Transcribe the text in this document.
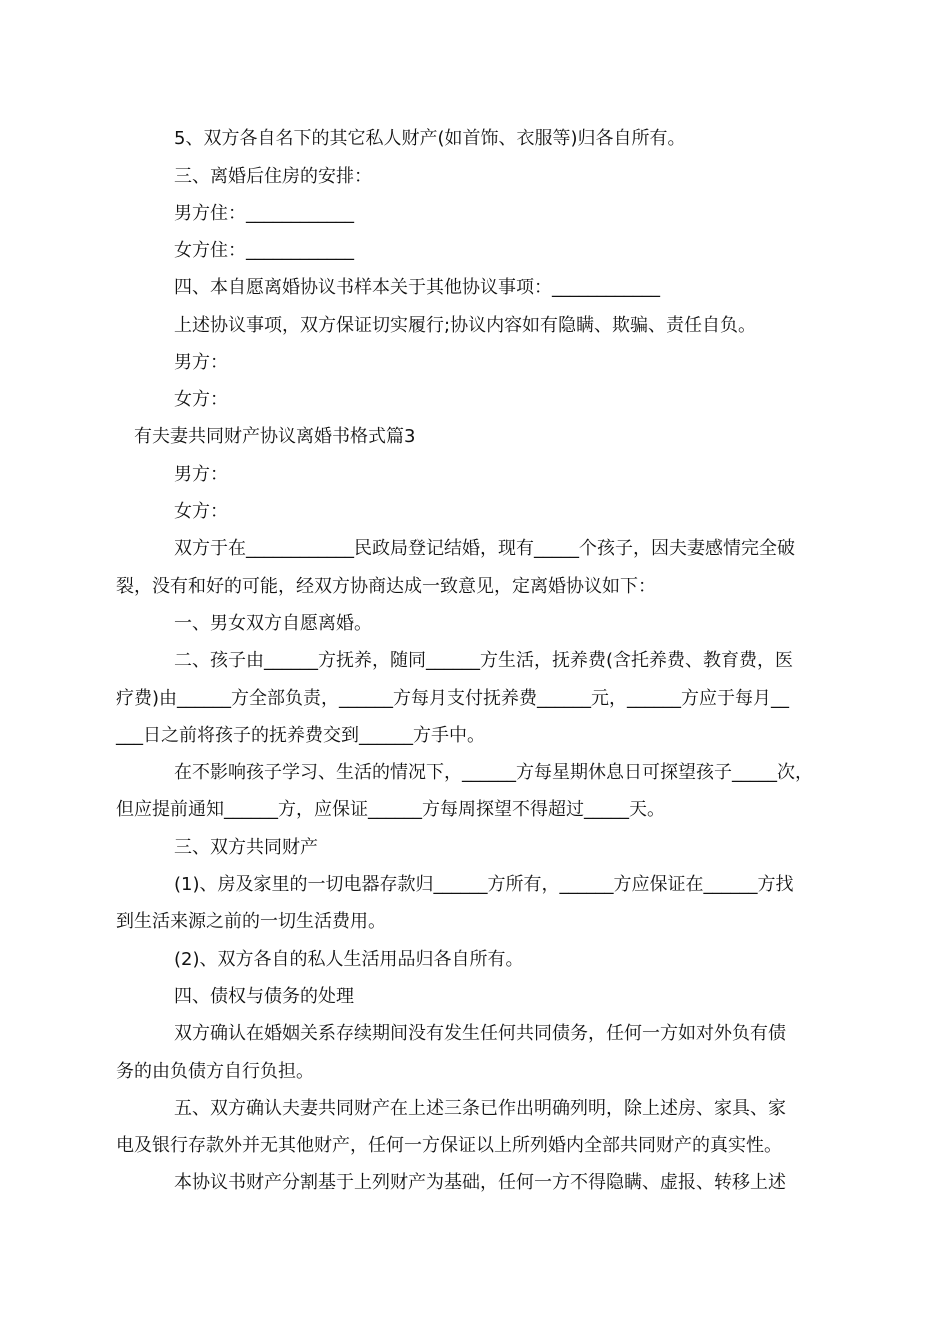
5、双方各自名下的其它私人财产(如首饰、衣服等)归各自所有。
三、离婚后住房的安排：
男方住：____________
女方住：____________
四、本自愿离婚协议书样本关于其他协议事项：____________
上述协议事项，双方保证切实履行;协议内容如有隐瞒、欺骗、责任自负。
男方：
女方：
有夫妻共同财产协议离婚书格式篇3
男方：
女方：
双方于在____________民政局登记结婚，现有_____个孩子，因夫妻感情完全破
裂，没有和好的可能，经双方协商达成一致意见，定离婚协议如下：
一、男女双方自愿离婚。
二、孩子由______方抚养，随同______方生活，抚养费(含托养费、教育费，医
疗费)由______方全部负责，______方每月支付抚养费______元，______方应于每月__
___日之前将孩子的抚养费交到______方手中。
在不影响孩子学习、生活的情况下，______方每星期休息日可探望孩子_____次，
但应提前通知______方，应保证______方每周探望不得超过_____天。
三、双方共同财产
(1)、房及家里的一切电器存款归______方所有，______方应保证在______方找
到生活来源之前的一切生活费用。
(2)、双方各自的私人生活用品归各自所有。
四、债权与债务的处理
双方确认在婚姻关系存续期间没有发生任何共同债务，任何一方如对外负有债
务的由负债方自行负担。
五、双方确认夫妻共同财产在上述三条已作出明确列明，除上述房、家具、家
电及银行存款外并无其他财产，任何一方保证以上所列婚内全部共同财产的真实性。
本协议书财产分割基于上列财产为基础，任何一方不得隐瞒、虚报、转移上述
